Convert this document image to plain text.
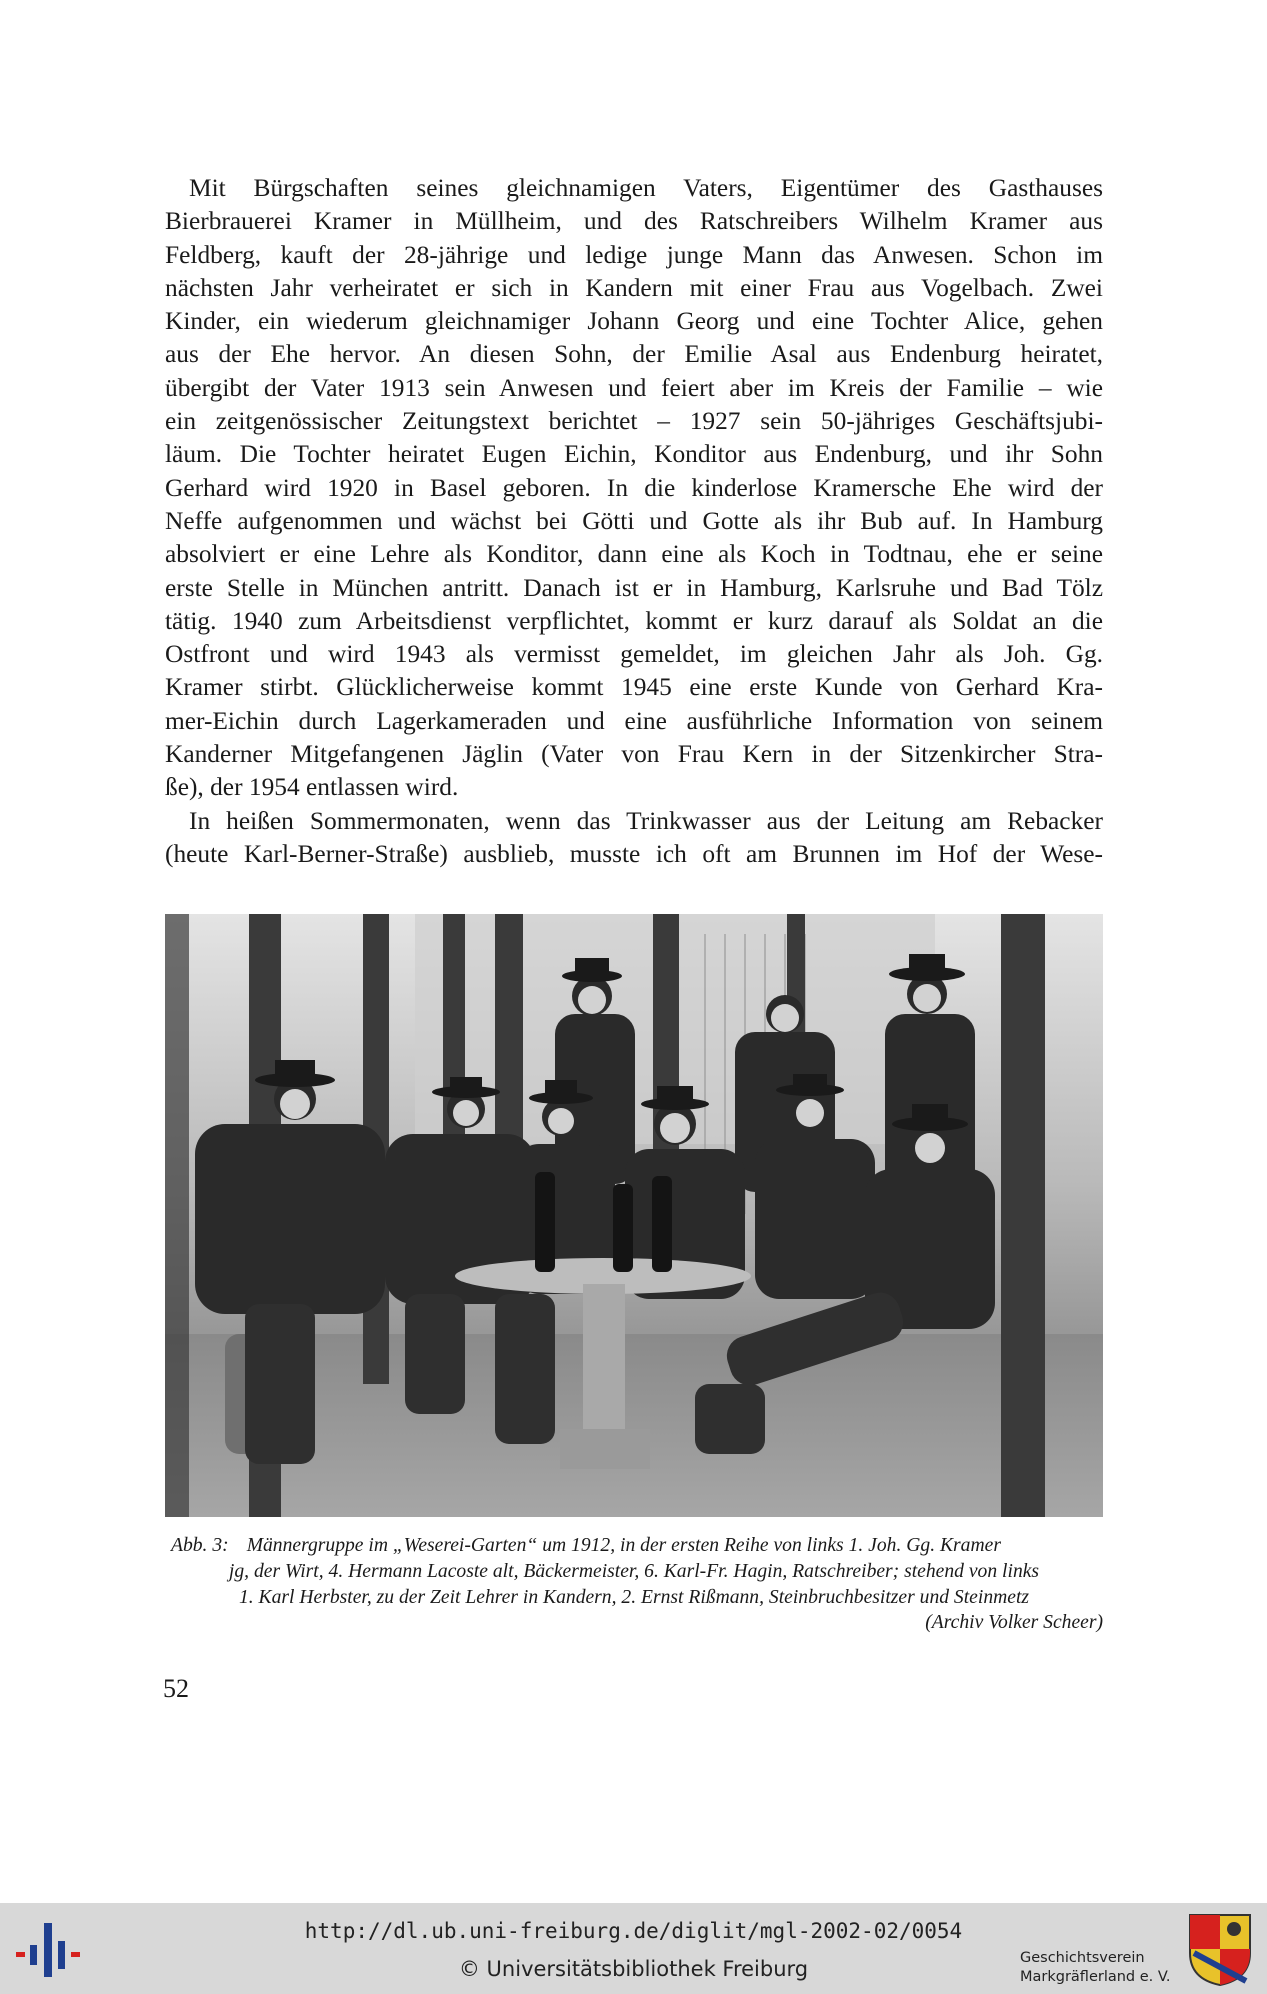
Mit Bürgschaften seines gleichnamigen Vaters, Eigentümer des Gasthauses
Bierbrauerei Kramer in Müllheim, und des Ratschreibers Wilhelm Kramer aus
Feldberg, kauft der 28-jährige und ledige junge Mann das Anwesen. Schon im
nächsten Jahr verheiratet er sich in Kandern mit einer Frau aus Vogelbach. Zwei
Kinder, ein wiederum gleichnamiger Johann Georg und eine Tochter Alice, gehen
aus der Ehe hervor. An diesen Sohn, der Emilie Asal aus Endenburg heiratet,
übergibt der Vater 1913 sein Anwesen und feiert aber im Kreis der Familie – wie
ein zeitgenössischer Zeitungstext berichtet – 1927 sein 50-jähriges Geschäftsjubi-
läum. Die Tochter heiratet Eugen Eichin, Konditor aus Endenburg, und ihr Sohn
Gerhard wird 1920 in Basel geboren. In die kinderlose Kramersche Ehe wird der
Neffe aufgenommen und wächst bei Götti und Gotte als ihr Bub auf. In Hamburg
absolviert er eine Lehre als Konditor, dann eine als Koch in Todtnau, ehe er seine
erste Stelle in München antritt. Danach ist er in Hamburg, Karlsruhe und Bad Tölz
tätig. 1940 zum Arbeitsdienst verpflichtet, kommt er kurz darauf als Soldat an die
Ostfront und wird 1943 als vermisst gemeldet, im gleichen Jahr als Joh. Gg.
Kramer stirbt. Glücklicherweise kommt 1945 eine erste Kunde von Gerhard Kra-
mer-Eichin durch Lagerkameraden und eine ausführliche Information von seinem
Kanderner Mitgefangenen Jäglin (Vater von Frau Kern in der Sitzenkircher Stra-
ße), der 1954 entlassen wird.
In heißen Sommermonaten, wenn das Trinkwasser aus der Leitung am Rebacker
(heute Karl-Berner-Straße) ausblieb, musste ich oft am Brunnen im Hof der Wese-
Abb. 3: Männergruppe im „Weserei-Garten“ um 1912, in der ersten Reihe von links 1. Joh. Gg. Kramer
jg, der Wirt, 4. Hermann Lacoste alt, Bäckermeister, 6. Karl-Fr. Hagin, Ratschreiber; stehend von links
1. Karl Herbster, zu der Zeit Lehrer in Kandern, 2. Ernst Rißmann, Steinbruchbesitzer und Steinmetz
(Archiv Volker Scheer)
52
http://dl.ub.uni-freiburg.de/diglit/mgl-2002-02/0054
© Universitätsbibliothek Freiburg	Geschichtsverein
Markgräflerland e. V.
